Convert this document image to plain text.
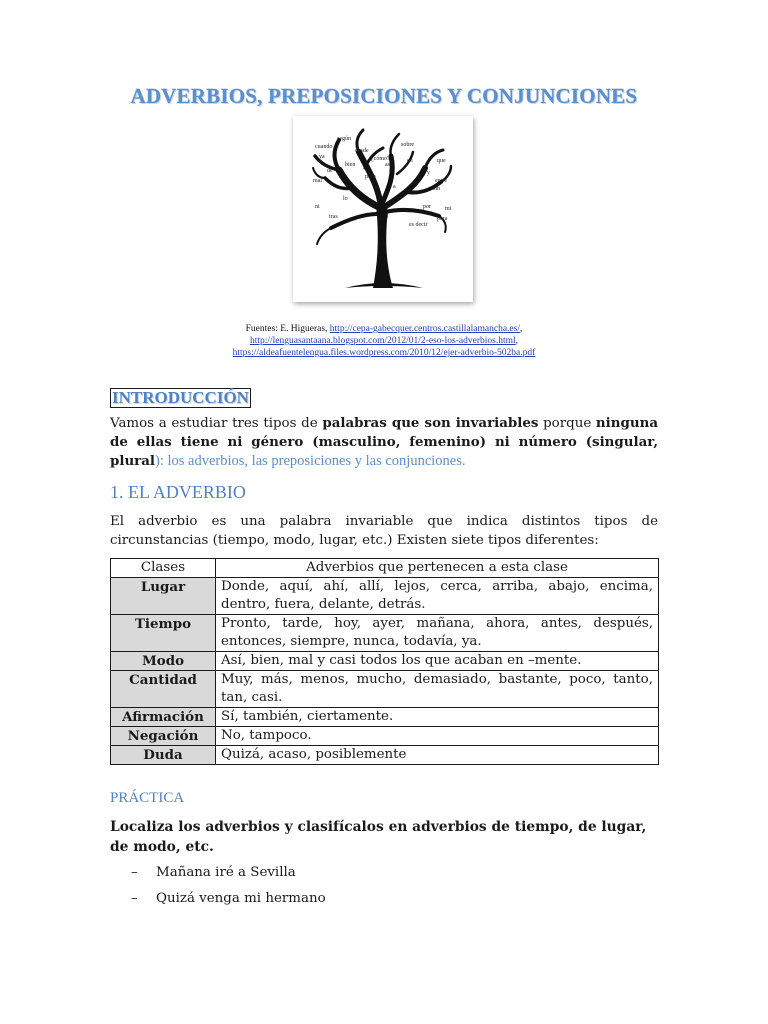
ADVERBIOS, PREPOSICIONES Y CONJUNCIONES
según
cuando
desde
sobre
¿cómo?
ya
bien
de
así
en	que
mal
pero
y
entre
sin
a
lo
ni	por
para
tras
es decir
mi
Fuentes: E. Higueras, http://cepa-gabecquer.centros.castillalamancha.es/,
http://lenguasantaana.blogspot.com/2012/01/2-eso-los-adverbios.html,
https://aldeafuentelengua.files.wordpress.com/2010/12/ejer-adverbio-502ba.pdf
INTRODUCCIÓN
Vamos a estudiar tres tipos de palabras que son invariables porque ninguna de ellas tiene ni género (masculino, femenino) ni número (singular, plural): los adverbios, las preposiciones y las conjunciones.
1. EL ADVERBIO
El adverbio es una palabra invariable que indica distintos tipos de circunstancias (tiempo, modo, lugar, etc.) Existen siete tipos diferentes:
Clases	Adverbios que pertenecen a esta clase
Lugar	Donde, aquí, ahí, allí, lejos, cerca, arriba, abajo, encima, dentro, fuera, delante, detrás.
Tiempo	Pronto, tarde, hoy, ayer, mañana, ahora, antes, después, entonces, siempre, nunca, todavía, ya.
Modo	Así, bien, mal y casi todos los que acaban en –mente.
Cantidad	Muy, más, menos, mucho, demasiado, bastante, poco, tanto, tan, casi.
Afirmación	Sí, también, ciertamente.
Negación	No, tampoco.
Duda	Quizá, acaso, posiblemente
PRÁCTICA
Localiza los adverbios y clasifícalos en adverbios de tiempo, de lugar, de modo, etc.
– Mañana iré a Sevilla
– Quizá venga mi hermano
